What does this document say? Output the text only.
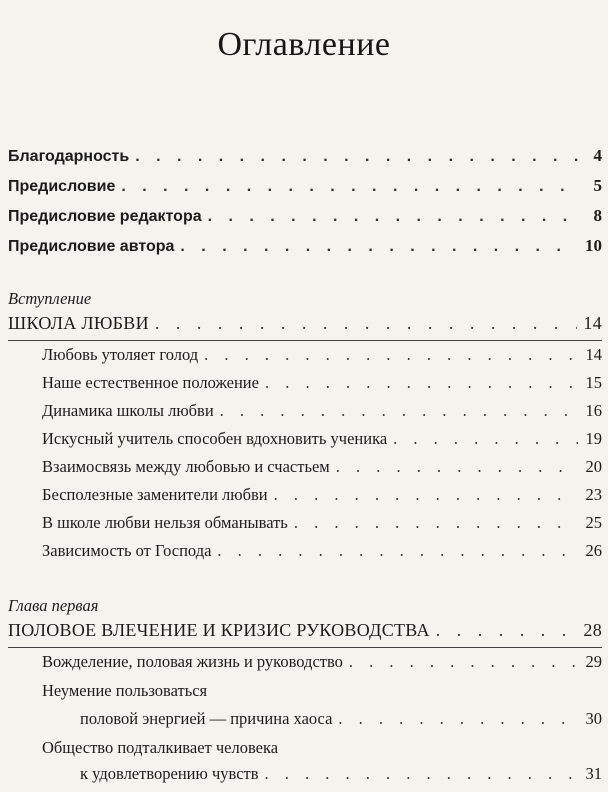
Оглавление
Благодарность . . .	4
Предисловие . . .	5
Предисловие редактора . . .	8
Предисловие автора . . .	10
Вступление
ШКОЛА ЛЮБВИ . . .	14
Любовь утоляет голод . . .	14
Наше естественное положение . . .	15
Динамика школы любви . . .	16
Искусный учитель способен вдохновить ученика . . .	19
Взаимосвязь между любовью и счастьем . . .	20
Бесполезные заменители любви . . .	23
В школе любви нельзя обманывать . . .	25
Зависимость от Господа . . .	26
Глава первая
ПОЛОВОЕ ВЛЕЧЕНИЕ И КРИЗИС РУКОВОДСТВА . . .	28
Вожделение, половая жизнь и руководство . . .	29
Неумение пользоваться
половой энергией — причина хаоса . . .	30
Общество подталкивает человека
к удовлетворению чувств . . .	31
